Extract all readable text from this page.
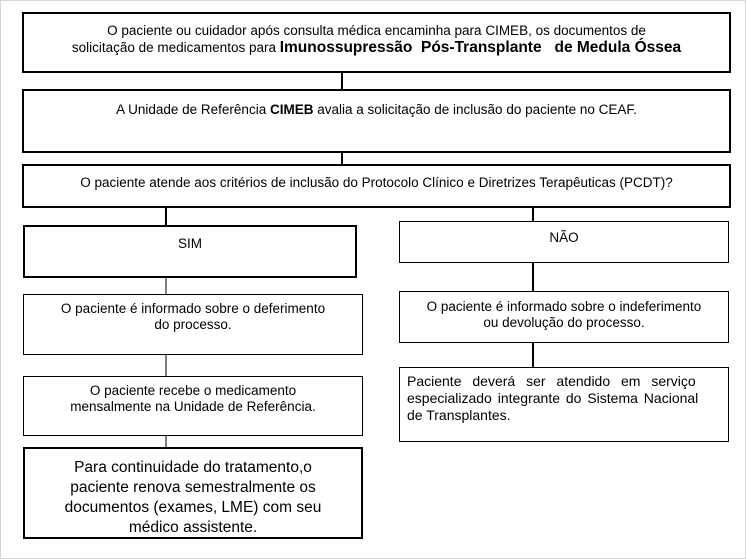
O paciente ou cuidador após consulta médica encaminha para CIMEB, os documentos de
solicitação de medicamentos para Imunossupressão  Pós-Transplante   de Medula Óssea
A Unidade de Referência CIMEB avalia a solicitação de inclusão do paciente no CEAF.
O paciente atende aos critérios de inclusão do Protocolo Clínico e Diretrizes Terapêuticas (PCDT)?
SIM	NÃO
O paciente é informado sobre o deferimento
do processo.
O paciente é informado sobre o indeferimento
ou devolução do processo.
O paciente recebe o medicamento
mensalmente na Unidade de Referência.
Paciente deverá ser atendido em serviço
especializado integrante do Sistema Nacional
de Transplantes.
Para continuidade do tratamento,o
paciente renova semestralmente os
documentos (exames, LME) com seu
médico assistente.
